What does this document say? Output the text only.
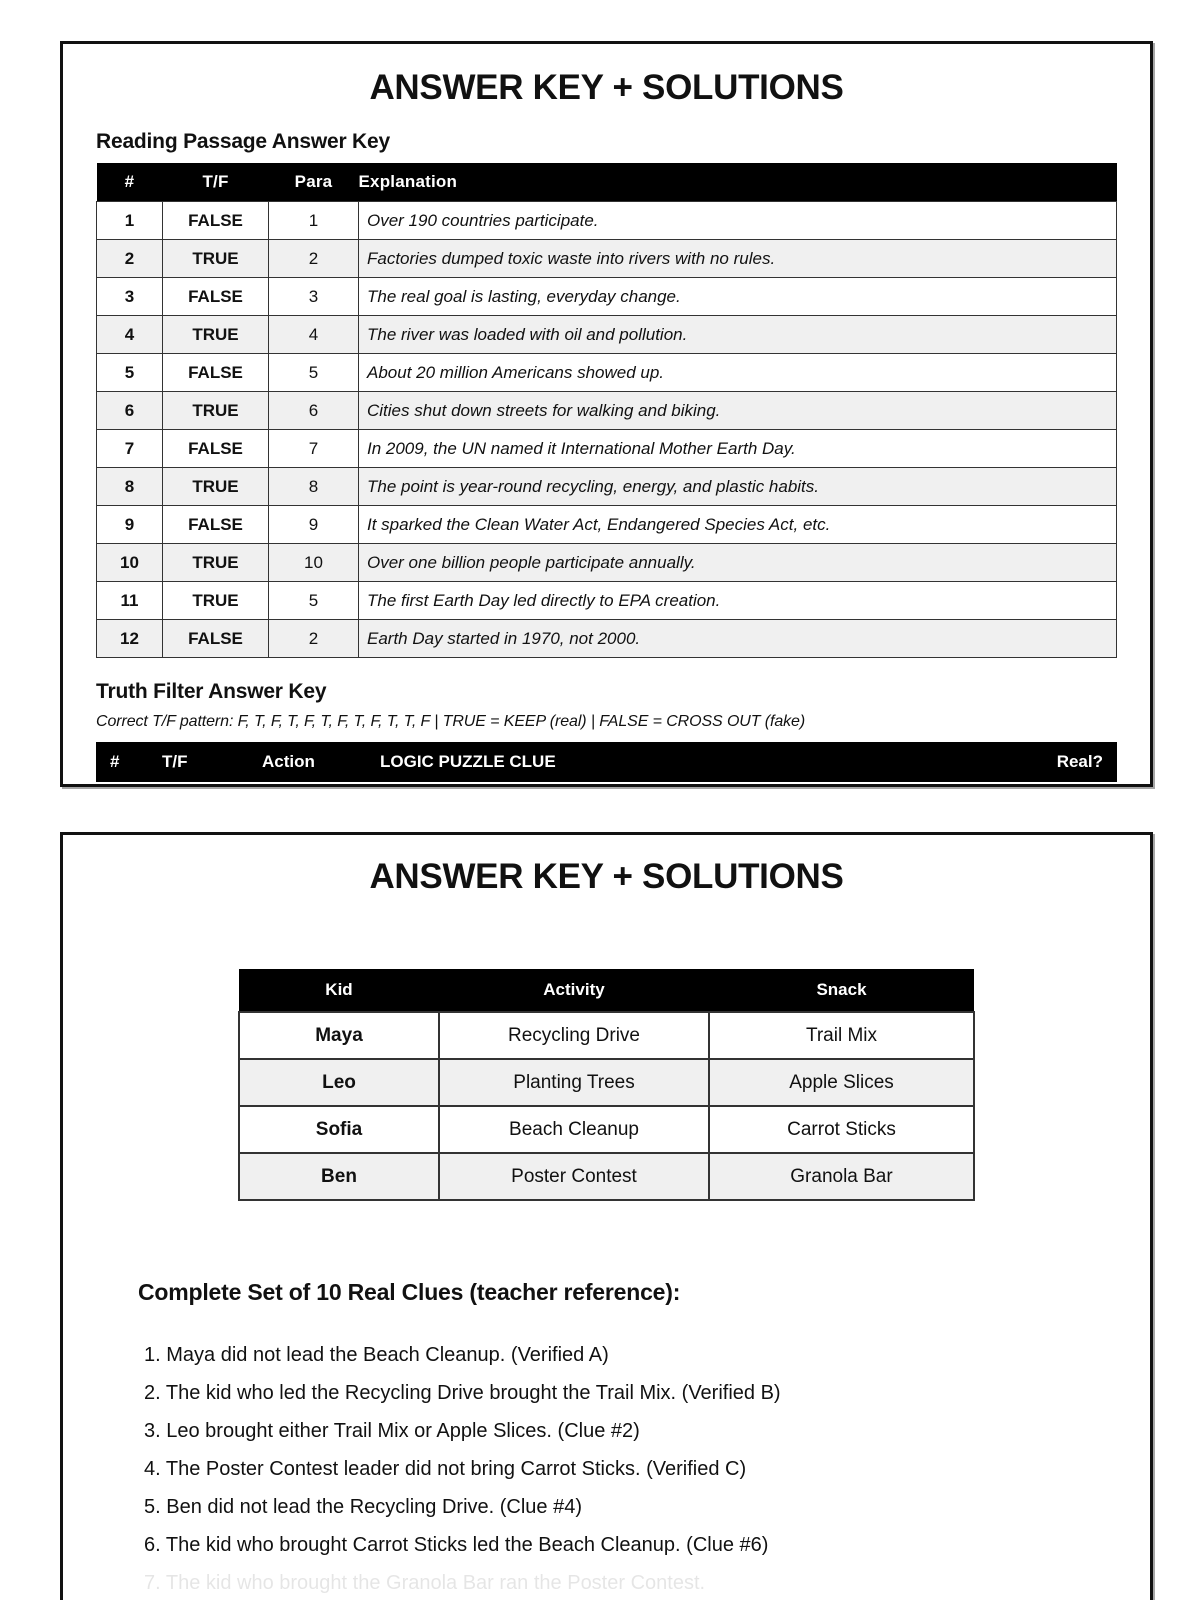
ANSWER KEY + SOLUTIONS
Reading Passage Answer Key
#	T/F	Para	Explanation
1	FALSE	1	Over 190 countries participate.
2	TRUE	2	Factories dumped toxic waste into rivers with no rules.
3	FALSE	3	The real goal is lasting, everyday change.
4	TRUE	4	The river was loaded with oil and pollution.
5	FALSE	5	About 20 million Americans showed up.
6	TRUE	6	Cities shut down streets for walking and biking.
7	FALSE	7	In 2009, the UN named it International Mother Earth Day.
8	TRUE	8	The point is year-round recycling, energy, and plastic habits.
9	FALSE	9	It sparked the Clean Water Act, Endangered Species Act, etc.
10	TRUE	10	Over one billion people participate annually.
11	TRUE	5	The first Earth Day led directly to EPA creation.
12	FALSE	2	Earth Day started in 1970, not 2000.
Truth Filter Answer Key
Correct T/F pattern: F, T, F, T, F, T, F, T, F, T, T, F | TRUE = KEEP (real) | FALSE = CROSS OUT (fake)
#	T/F	Action	LOGIC PUZZLE CLUE	Real?
ANSWER KEY + SOLUTIONS
Kid	Activity	Snack
Maya	Recycling Drive	Trail Mix
Leo	Planting Trees	Apple Slices
Sofia	Beach Cleanup	Carrot Sticks
Ben	Poster Contest	Granola Bar
Complete Set of 10 Real Clues (teacher reference):
1. Maya did not lead the Beach Cleanup. (Verified A)
2. The kid who led the Recycling Drive brought the Trail Mix. (Verified B)
3. Leo brought either Trail Mix or Apple Slices. (Clue #2)
4. The Poster Contest leader did not bring Carrot Sticks. (Verified C)
5. Ben did not lead the Recycling Drive. (Clue #4)
6. The kid who brought Carrot Sticks led the Beach Cleanup. (Clue #6)
7. The kid who brought the Granola Bar ran the Poster Contest.
